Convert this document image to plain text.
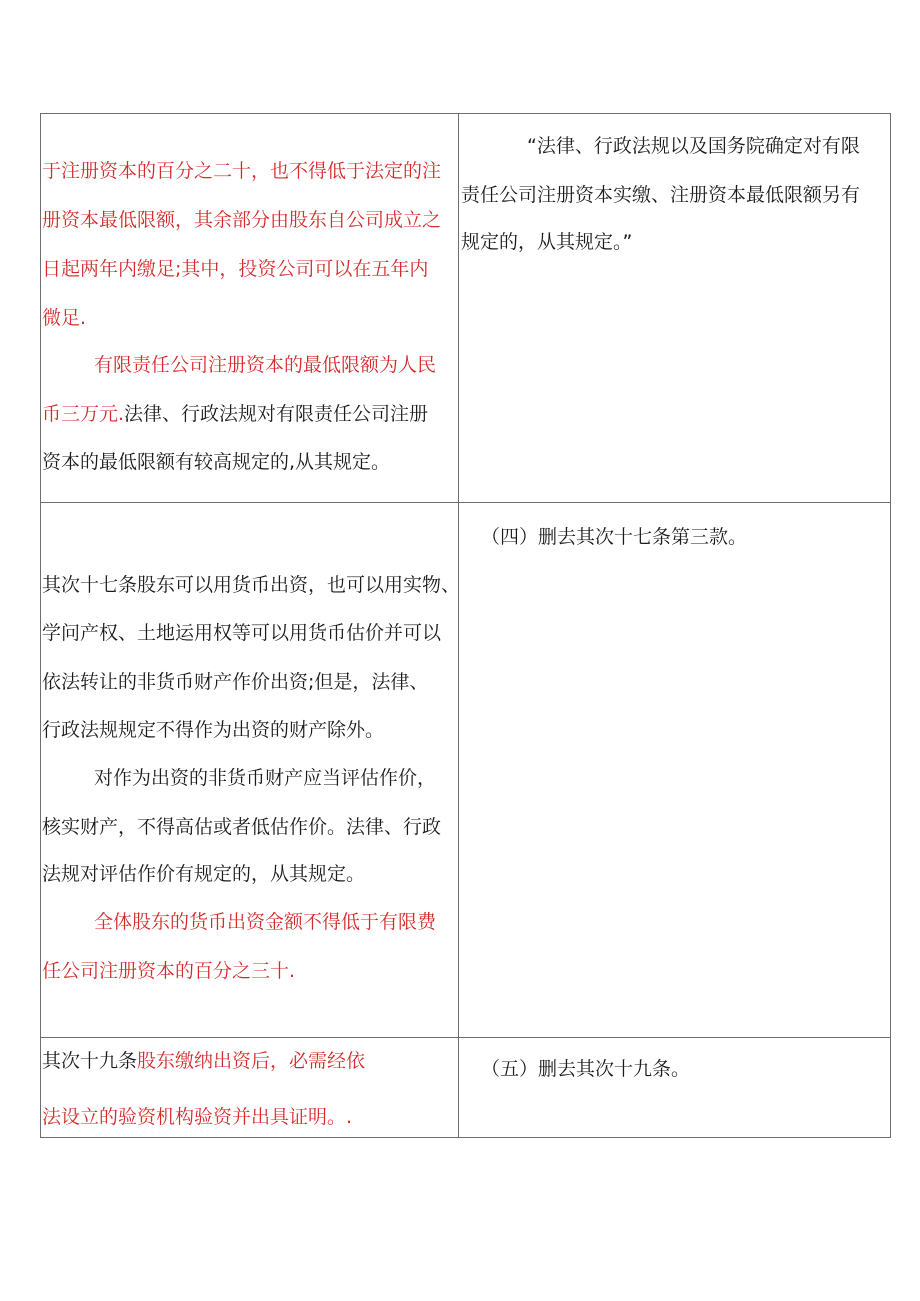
于注册资本的百分之二十，也不得低于法定的注
册资本最低限额，其余部分由股东自公司成立之
日起两年内缴足;其中，投资公司可以在五年内
微足.
有限责任公司注册资本的最低限额为人民
币三万元.法律、行政法规对有限责任公司注册
资本的最低限额有较高规定的,从其规定。
“法律、行政法规以及国务院确定对有限
责任公司注册资本实缴、注册资本最低限额另有
规定的，从其规定。”
其次十七条股东可以用货币出资，也可以用实物、
学问产权、土地运用权等可以用货币估价并可以
依法转让的非货币财产作价出资;但是，法律、
行政法规规定不得作为出资的财产除外。
对作为出资的非货币财产应当评估作价，
核实财产，不得高估或者低估作价。法律、行政
法规对评估作价有规定的，从其规定。
全体股东的货币出资金额不得低于有限费
任公司注册资本的百分之三十.
（四）删去其次十七条第三款。
其次十九条股东缴纳出资后，必需经依
法设立的验资机构验资并出具证明。.
（五）删去其次十九条。
